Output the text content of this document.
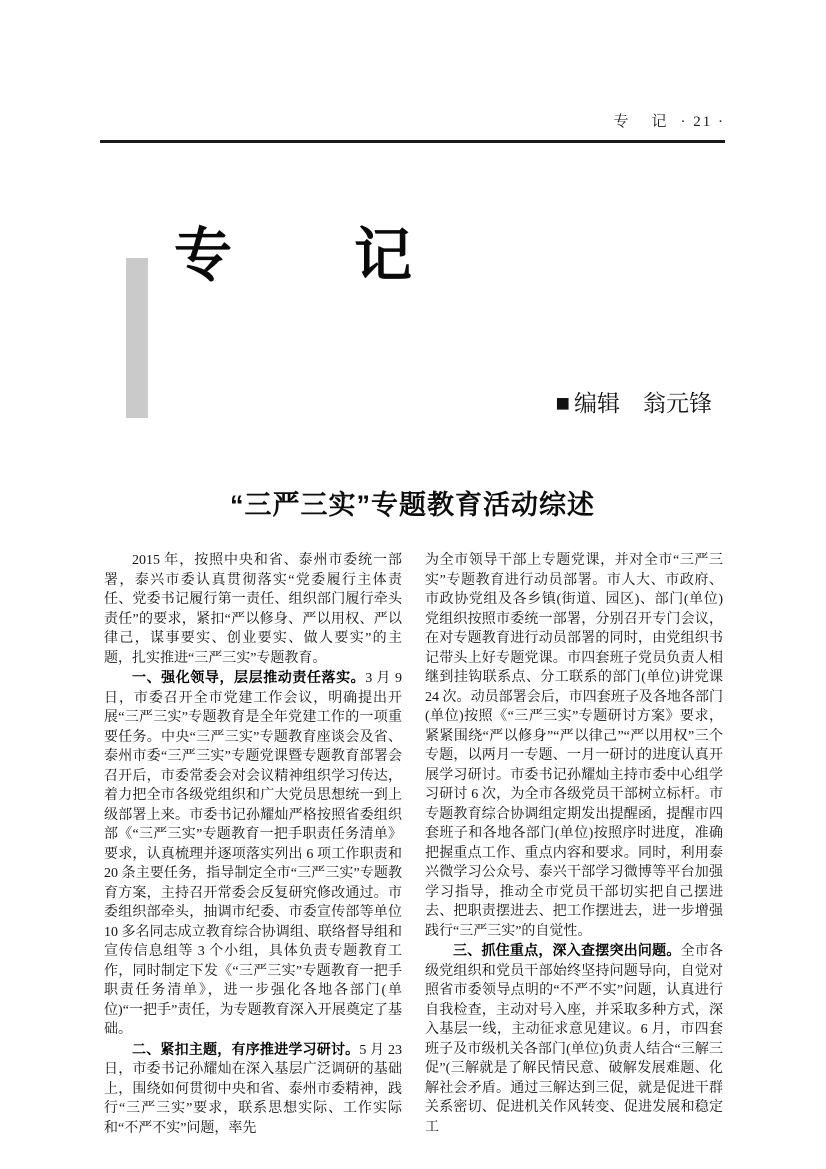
专　记 · 21 ·
专　　记
■ 编辑 翁元锋
“三严三实”专题教育活动综述

2015 年，按照中央和省、泰州市委统一部署，泰兴市委认真贯彻落实“党委履行主体责任、党委书记履行第一责任、组织部门履行牵头责任”的要求，紧扣“严以修身、严以用权、严以律己，谋事要实、创业要实、做人要实”的主题，扎实推进“三严三实”专题教育。

一、强化领导，层层推动责任落实。3 月 9 日，市委召开全市党建工作会议，明确提出开展“三严三实”专题教育是全年党建工作的一项重要任务。中央“三严三实”专题教育座谈会及省、泰州市委“三严三实”专题党课暨专题教育部署会召开后，市委常委会对会议精神组织学习传达，着力把全市各级党组织和广大党员思想统一到上级部署上来。市委书记孙耀灿严格按照省委组织部《“三严三实”专题教育一把手职责任务清单》要求，认真梳理并逐项落实列出 6 项工作职责和 20 条主要任务，指导制定全市“三严三实”专题教育方案，主持召开常委会反复研究修改通过。市委组织部牵头，抽调市纪委、市委宣传部等单位 10 多名同志成立教育综合协调组、联络督导组和宣传信息组等 3 个小组，具体负责专题教育工作，同时制定下发《“三严三实”专题教育一把手职责任务清单》，进一步强化各地各部门(单位)“一把手”责任，为专题教育深入开展奠定了基础。

二、紧扣主题，有序推进学习研讨。5 月 23 日，市委书记孙耀灿在深入基层广泛调研的基础上，围绕如何贯彻中央和省、泰州市委精神，践行“三严三实”要求，联系思想实际、工作实际和“不严不实”问题，率先

为全市领导干部上专题党课，并对全市“三严三实”专题教育进行动员部署。市人大、市政府、市政协党组及各乡镇(街道、园区)、部门(单位)党组织按照市委统一部署，分别召开专门会议，在对专题教育进行动员部署的同时，由党组织书记带头上好专题党课。市四套班子党员负责人相继到挂钩联系点、分工联系的部门(单位)讲党课 24 次。动员部署会后，市四套班子及各地各部门(单位)按照《“三严三实”专题研讨方案》要求，紧紧围绕“严以修身”“严以律己”“严以用权”三个专题，以两月一专题、一月一研讨的进度认真开展学习研讨。市委书记孙耀灿主持市委中心组学习研讨 6 次，为全市各级党员干部树立标杆。市专题教育综合协调组定期发出提醒函，提醒市四套班子和各地各部门(单位)按照序时进度，准确把握重点工作、重点内容和要求。同时，利用泰兴微学习公众号、泰兴干部学习微博等平台加强学习指导，推动全市党员干部切实把自己摆进去、把职责摆进去、把工作摆进去，进一步增强践行“三严三实”的自觉性。

三、抓住重点，深入查摆突出问题。全市各级党组织和党员干部始终坚持问题导向，自觉对照省市委领导点明的“不严不实”问题，认真进行自我检查，主动对号入座，并采取多种方式，深入基层一线，主动征求意见建议。6 月，市四套班子及市级机关各部门(单位)负责人结合“三解三促”(三解就是了解民情民意、破解发展难题、化解社会矛盾。通过三解达到三促，就是促进干群关系密切、促进机关作风转变、促进发展和稳定工
